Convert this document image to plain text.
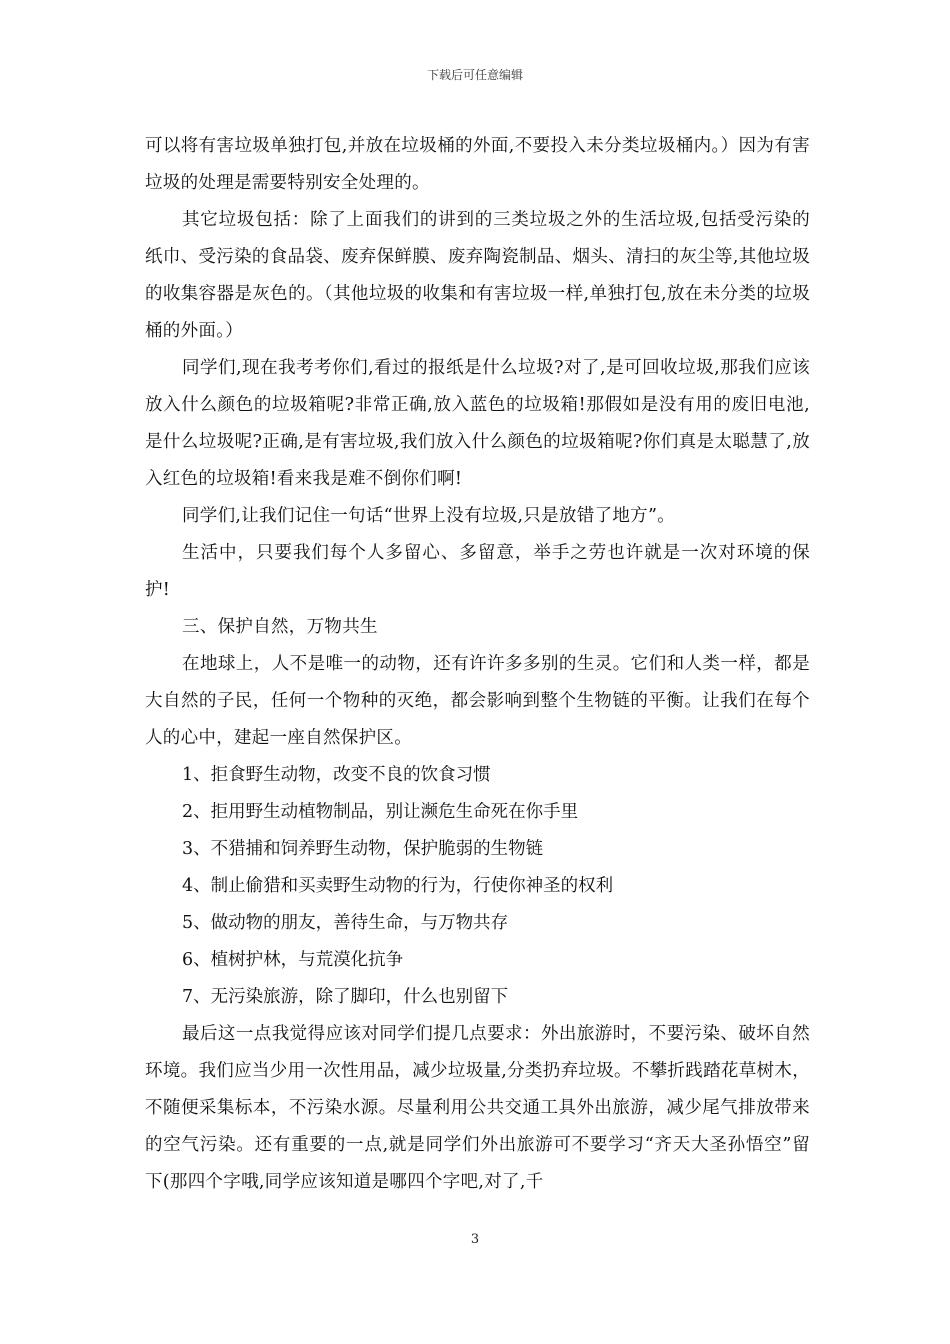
下载后可任意编辑

可以将有害垃圾单独打包,并放在垃圾桶的外面,不要投入未分类垃圾桶内。）因为有害垃圾的处理是需要特别安全处理的。

其它垃圾包括：除了上面我们的讲到的三类垃圾之外的生活垃圾,包括受污染的纸巾、受污染的食品袋、废弃保鲜膜、废弃陶瓷制品、烟头、清扫的灰尘等,其他垃圾的收集容器是灰色的。（其他垃圾的收集和有害垃圾一样,单独打包,放在未分类的垃圾桶的外面。）

同学们,现在我考考你们,看过的报纸是什么垃圾?对了,是可回收垃圾,那我们应该放入什么颜色的垃圾箱呢?非常正确,放入蓝色的垃圾箱!那假如是没有用的废旧电池,是什么垃圾呢?正确,是有害垃圾,我们放入什么颜色的垃圾箱呢?你们真是太聪慧了,放入红色的垃圾箱!看来我是难不倒你们啊!

同学们,让我们记住一句话“世界上没有垃圾,只是放错了地方”。

生活中，只要我们每个人多留心、多留意，举手之劳也许就是一次对环境的保护!

三、保护自然，万物共生

在地球上，人不是唯一的动物，还有许许多多别的生灵。它们和人类一样，都是大自然的子民，任何一个物种的灭绝，都会影响到整个生物链的平衡。让我们在每个人的心中，建起一座自然保护区。

1、拒食野生动物，改变不良的饮食习惯

2、拒用野生动植物制品，别让濒危生命死在你手里

3、不猎捕和饲养野生动物，保护脆弱的生物链

4、制止偷猎和买卖野生动物的行为，行使你神圣的权利

5、做动物的朋友，善待生命，与万物共存

6、植树护林，与荒漠化抗争

7、无污染旅游，除了脚印，什么也别留下

最后这一点我觉得应该对同学们提几点要求：外出旅游时，不要污染、破坏自然环境。我们应当少用一次性用品，减少垃圾量,分类扔弃垃圾。不攀折践踏花草树木，不随便采集标本，不污染水源。尽量利用公共交通工具外出旅游，减少尾气排放带来的空气污染。还有重要的一点,就是同学们外出旅游可不要学习“齐天大圣孙悟空”留下(那四个字哦,同学应该知道是哪四个字吧,对了,千

3
